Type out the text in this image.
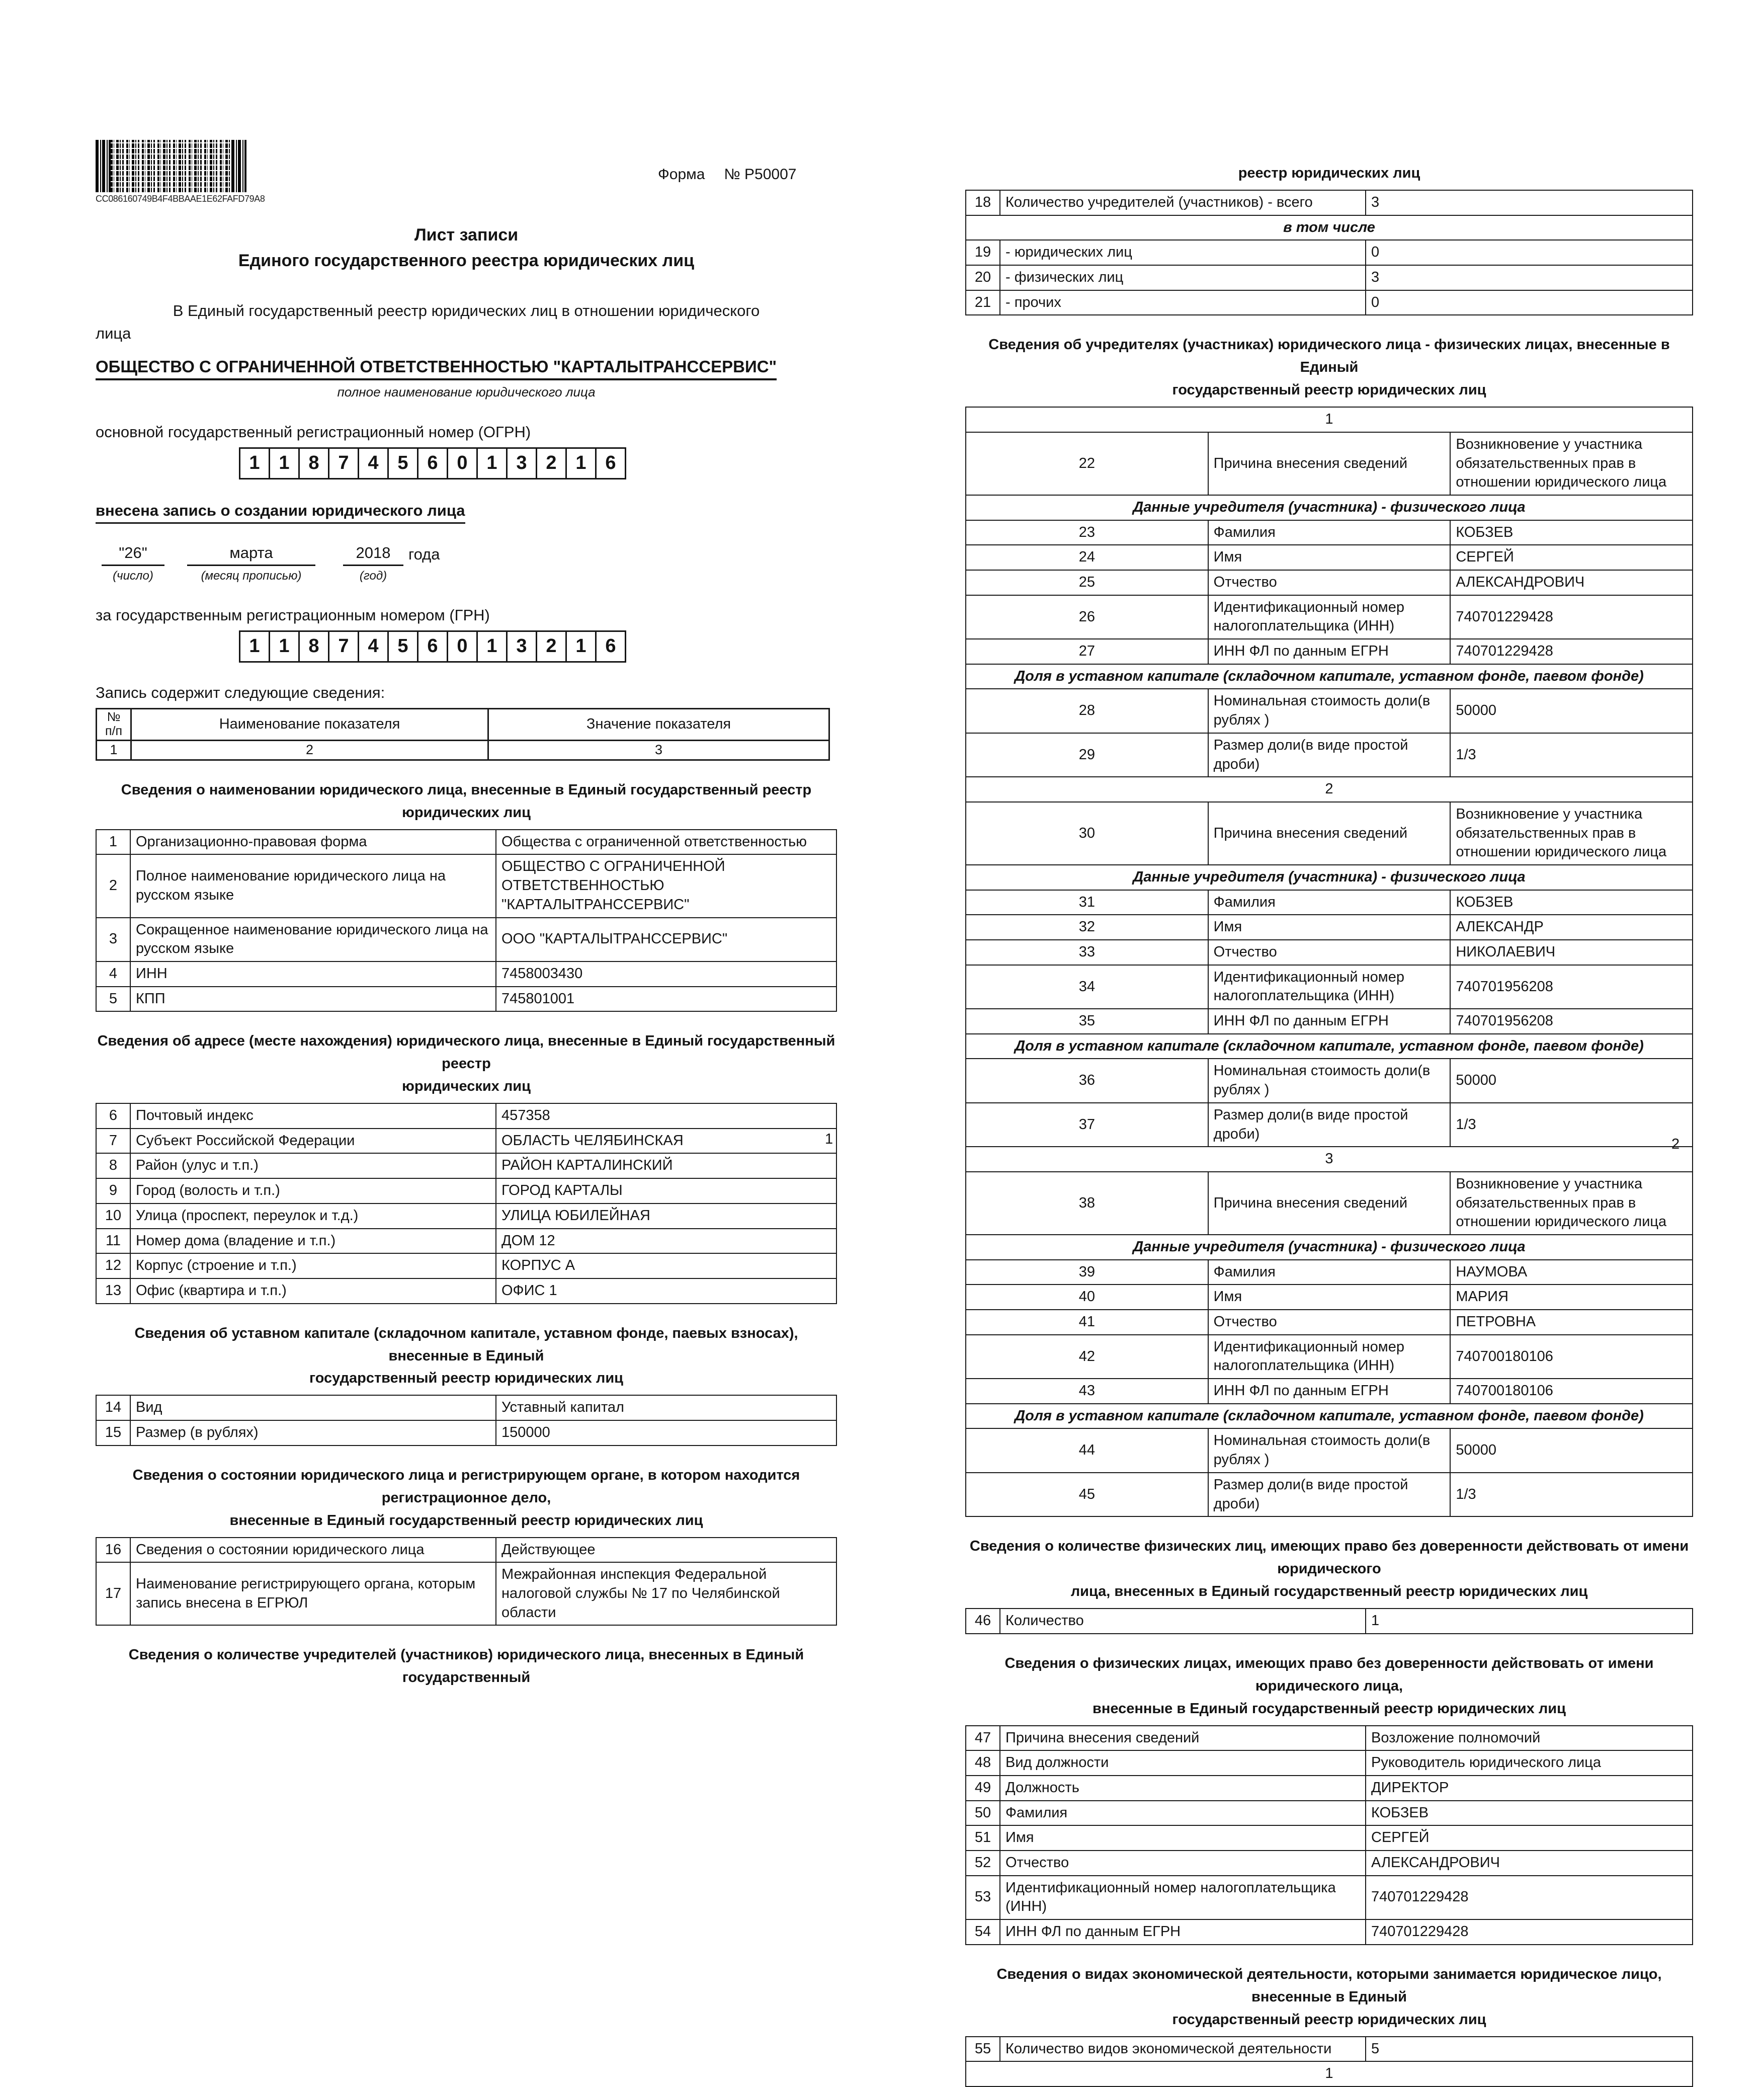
CC086160749B4F4BBAAE1E62FAFD79A8
Форма № Р50007
Лист записи
Единого государственного реестра юридических лиц
В Единый государственный реестр юридических лиц в отношении юридического
лица
ОБЩЕСТВО С ОГРАНИЧЕННОЙ ОТВЕТСТВЕННОСТЬЮ "КАРТАЛЫТРАНССЕРВИС"
полное наименование юридического лица
основной государственный регистрационный номер (ОГРН)
1 1 8 7 4 5 6 0 1 3 2 1 6
внесена запись о создании юридического лица
"26"	марта	2018	года
(число)	(месяц прописью)	(год)
за государственным регистрационным номером (ГРН)
1 1 8 7 4 5 6 0 1 3 2 1 6
Запись содержит следующие сведения:
№
п/п	Наименование показателя	Значение показателя
1	2	3
Сведения о наименовании юридического лица, внесенные в Единый государственный реестр юридических лиц
1	Организационно-правовая форма	Общества с ограниченной ответственностью
2	Полное наименование юридического лица на русском языке	ОБЩЕСТВО С ОГРАНИЧЕННОЙ ОТВЕТСТВЕННОСТЬЮ "КАРТАЛЫТРАНССЕРВИС"
3	Сокращенное наименование юридического лица на русском языке	ООО "КАРТАЛЫТРАНССЕРВИС"
4	ИНН	7458003430
5	КПП	745801001
Сведения об адресе (месте нахождения) юридического лица, внесенные в Единый государственный реестр
юридических лиц
6	Почтовый индекс	457358
7	Субъект Российской Федерации	ОБЛАСТЬ ЧЕЛЯБИНСКАЯ
8	Район (улус и т.п.)	РАЙОН КАРТАЛИНСКИЙ
9	Город (волость и т.п.)	ГОРОД КАРТАЛЫ
10	Улица (проспект, переулок и т.д.)	УЛИЦА ЮБИЛЕЙНАЯ
11	Номер дома (владение и т.п.)	ДОМ 12
12	Корпус (строение и т.п.)	КОРПУС А
13	Офис (квартира и т.п.)	ОФИС 1
Сведения об уставном капитале (складочном капитале, уставном фонде, паевых взносах), внесенные в Единый
государственный реестр юридических лиц
14	Вид	Уставный капитал
15	Размер (в рублях)	150000
Сведения о состоянии юридического лица и регистрирующем органе, в котором находится регистрационное дело,
внесенные в Единый государственный реестр юридических лиц
16	Сведения о состоянии юридического лица	Действующее
17	Наименование регистрирующего органа, которым запись внесена в ЕГРЮЛ	Межрайонная инспекция Федеральной налоговой службы № 17 по Челябинской области
Сведения о количестве учредителей (участников) юридического лица, внесенных в Единый государственный
1
реестр юридических лиц
18	Количество учредителей (участников) - всего	3
в том числе		
19	- юридических лиц	0
20	- физических лиц	3
21	- прочих	0
Сведения об учредителях (участниках) юридического лица - физических лицах, внесенные в Единый
государственный реестр юридических лиц
1		
22	Причина внесения сведений	Возникновение у участника обязательственных прав в отношении юридического лица
Данные учредителя (участника) - физического лица		
23	Фамилия	КОБЗЕВ
24	Имя	СЕРГЕЙ
25	Отчество	АЛЕКСАНДРОВИЧ
26	Идентификационный номер налогоплательщика (ИНН)	740701229428
27	ИНН ФЛ по данным ЕГРН	740701229428
Доля в уставном капитале (складочном капитале, уставном фонде, паевом фонде)		
28	Номинальная стоимость доли(в рублях )	50000
29	Размер доли(в виде простой дроби)	1/3
2		
30	Причина внесения сведений	Возникновение у участника обязательственных прав в отношении юридического лица
Данные учредителя (участника) - физического лица		
31	Фамилия	КОБЗЕВ
32	Имя	АЛЕКСАНДР
33	Отчество	НИКОЛАЕВИЧ
34	Идентификационный номер налогоплательщика (ИНН)	740701956208
35	ИНН ФЛ по данным ЕГРН	740701956208
Доля в уставном капитале (складочном капитале, уставном фонде, паевом фонде)		
36	Номинальная стоимость доли(в рублях )	50000
37	Размер доли(в виде простой дроби)	1/3
3		
38	Причина внесения сведений	Возникновение у участника обязательственных прав в отношении юридического лица
Данные учредителя (участника) - физического лица		
39	Фамилия	НАУМОВА
40	Имя	МАРИЯ
41	Отчество	ПЕТРОВНА
42	Идентификационный номер налогоплательщика (ИНН)	740700180106
43	ИНН ФЛ по данным ЕГРН	740700180106
Доля в уставном капитале (складочном капитале, уставном фонде, паевом фонде)		
44	Номинальная стоимость доли(в рублях )	50000
45	Размер доли(в виде простой дроби)	1/3
Сведения о количестве физических лиц, имеющих право без доверенности действовать от имени юридического
лица, внесенных в Единый государственный реестр юридических лиц
46	Количество	1
Сведения о физических лицах, имеющих право без доверенности действовать от имени юридического лица,
внесенные в Единый государственный реестр юридических лиц
47	Причина внесения сведений	Возложение полномочий
48	Вид должности	Руководитель юридического лица
49	Должность	ДИРЕКТОР
50	Фамилия	КОБЗЕВ
51	Имя	СЕРГЕЙ
52	Отчество	АЛЕКСАНДРОВИЧ
53	Идентификационный номер налогоплательщика (ИНН)	740701229428
54	ИНН ФЛ по данным ЕГРН	740701229428
Сведения о видах экономической деятельности, которыми занимается юридическое лицо, внесенные в Единый
государственный реестр юридических лиц
55	Количество видов экономической деятельности	5
1
2
